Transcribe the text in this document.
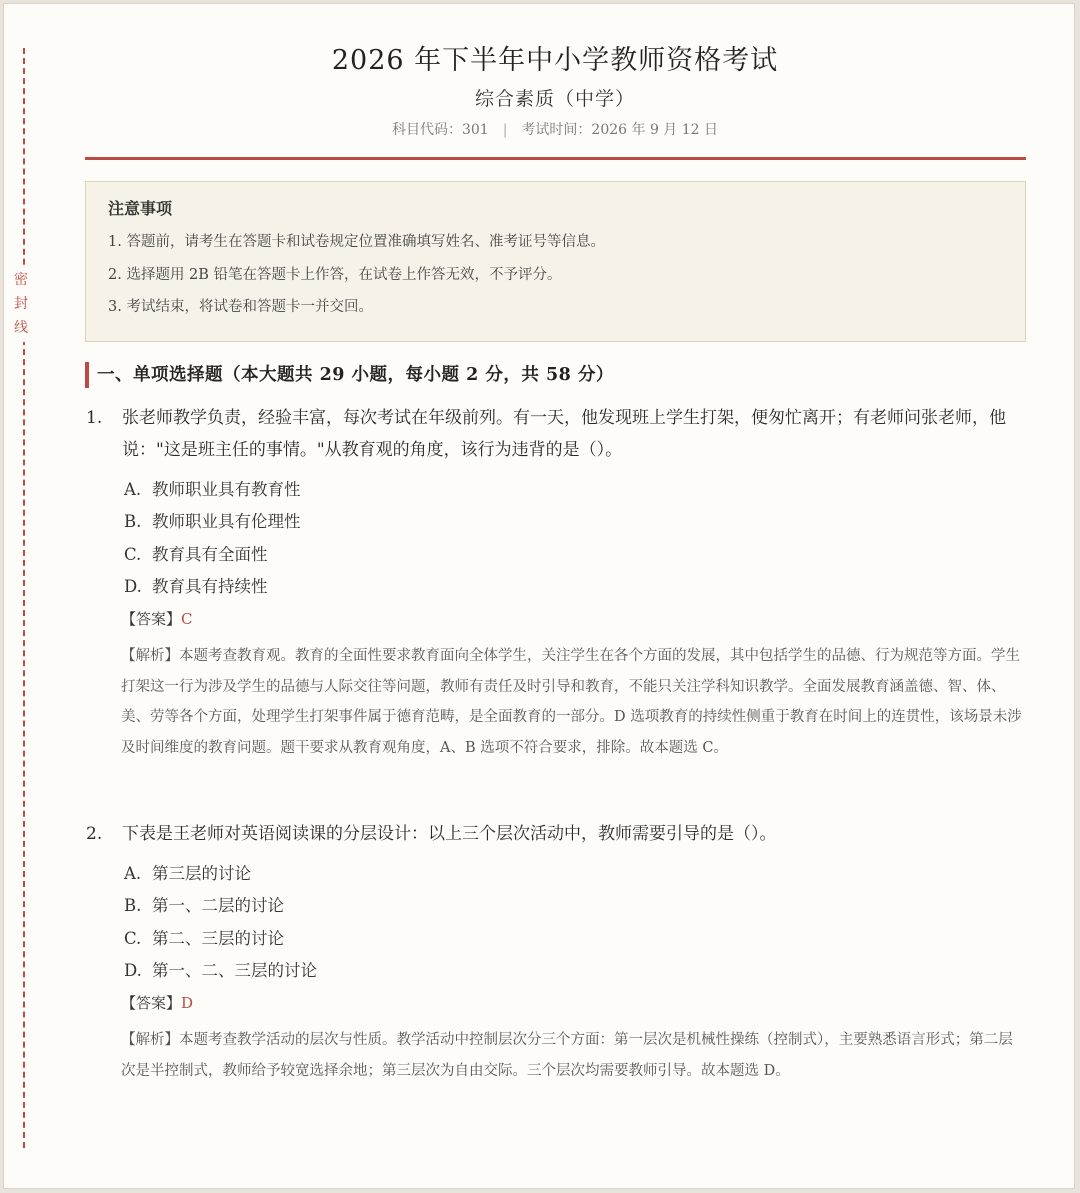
密
封
线
2026 年下半年中小学教师资格考试
综合素质（中学）
科目代码：301 | 考试时间：2026 年 9 月 12 日
注意事项
1. 答题前，请考生在答题卡和试卷规定位置准确填写姓名、准考证号等信息。
2. 选择题用 2B 铅笔在答题卡上作答，在试卷上作答无效，不予评分。
3. 考试结束，将试卷和答题卡一并交回。
一、单项选择题（本大题共 29 小题，每小题 2 分，共 58 分）
1. 张老师教学负责，经验丰富，每次考试在年级前列。有一天，他发现班上学生打架，便匆忙离开；有老师问张老师，他说："这是班主任的事情。"从教育观的角度，该行为违背的是（）。
A. 教师职业具有教育性
B. 教师职业具有伦理性
C. 教育具有全面性
D. 教育具有持续性
【答案】C
【解析】本题考查教育观。教育的全面性要求教育面向全体学生，关注学生在各个方面的发展，其中包括学生的品德、行为规范等方面。学生打架这一行为涉及学生的品德与人际交往等问题，教师有责任及时引导和教育，不能只关注学科知识教学。全面发展教育涵盖德、智、体、美、劳等各个方面，处理学生打架事件属于德育范畴，是全面教育的一部分。D 选项教育的持续性侧重于教育在时间上的连贯性，该场景未涉及时间维度的教育问题。题干要求从教育观角度，A、B 选项不符合要求，排除。故本题选 C。
2. 下表是王老师对英语阅读课的分层设计：以上三个层次活动中，教师需要引导的是（）。
A. 第三层的讨论
B. 第一、二层的讨论
C. 第二、三层的讨论
D. 第一、二、三层的讨论
【答案】D
【解析】本题考查教学活动的层次与性质。教学活动中控制层次分三个方面：第一层次是机械性操练（控制式），主要熟悉语言形式；第二层次是半控制式，教师给予较宽选择余地；第三层次为自由交际。三个层次均需要教师引导。故本题选 D。
